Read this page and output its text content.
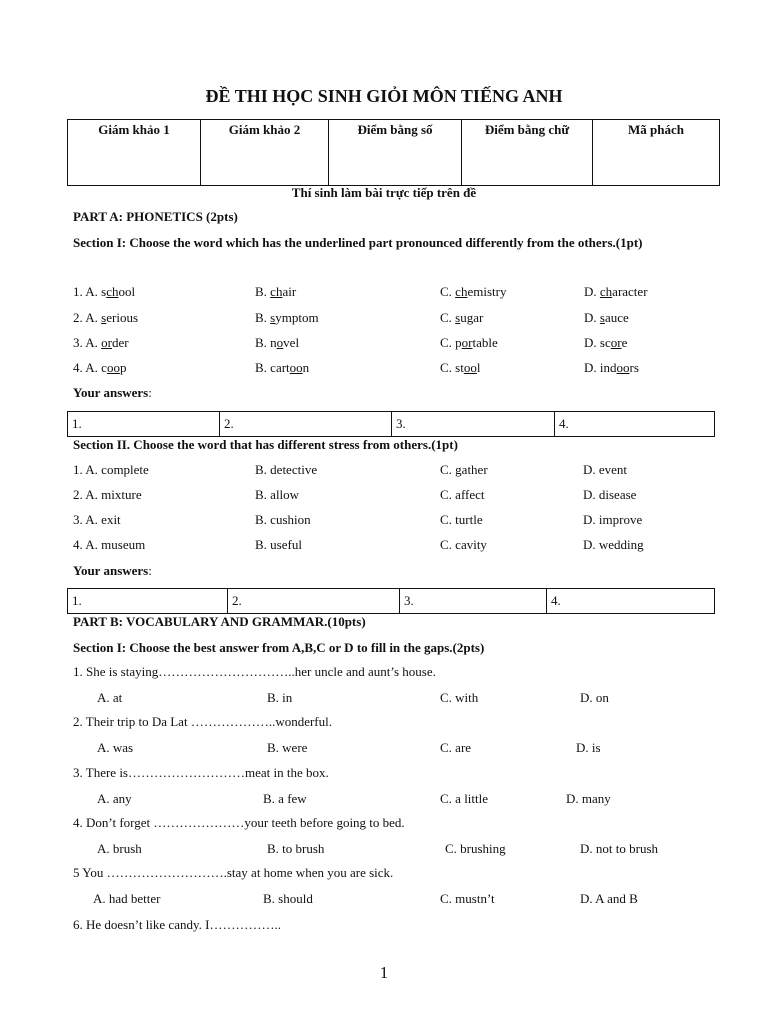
ĐỀ THI HỌC SINH GIỎI MÔN TIẾNG ANH
Giám khảo 1	Giám khảo 2	Điểm bằng số	Điểm bằng chữ	Mã phách
Thí sinh làm bài trực tiếp trên đề
PART A: PHONETICS (2pts)
Section I: Choose the word which has the underlined part pronounced differently from the others.(1pt)
1. A. school	B. chair	C. chemistry	D. character
2. A. serious	B. symptom	C. sugar	D. sauce
3. A. order	B. novel	C. portable	D. score
4. A. coop	B. cartoon	C. stool	D. indoors
Your answers:
1.	2.	3.	4.
Section II. Choose the word that has different stress from others.(1pt)
1. A. complete	B. detective	C. gather	D. event
2. A. mixture	B. allow	C. affect	D. disease
3. A. exit	B. cushion	C. turtle	D. improve
4. A. museum	B. useful	C. cavity	D. wedding
Your answers:
1.	2.	3.	4.
PART B: VOCABULARY AND GRAMMAR.(10pts)
Section I: Choose the best answer from A,B,C or D to fill in the gaps.(2pts)
1. She is staying…………………………..her uncle and aunt’s house.
A. at	B. in	C. with	D. on
2. Their trip to Da Lat ………………..wonderful.
A. was	B. were	C. are	D. is
3. There is………………………meat in the box.
A. any	B. a few	C. a little	D. many
4. Don’t forget …………………your teeth before going to bed.
A. brush	B. to brush	C. brushing	D. not to brush
5 You ……………………….stay at home when you are sick.
A. had better	B. should	C. mustn’t	D. A and B
6. He doesn’t like candy. I……………..
1
